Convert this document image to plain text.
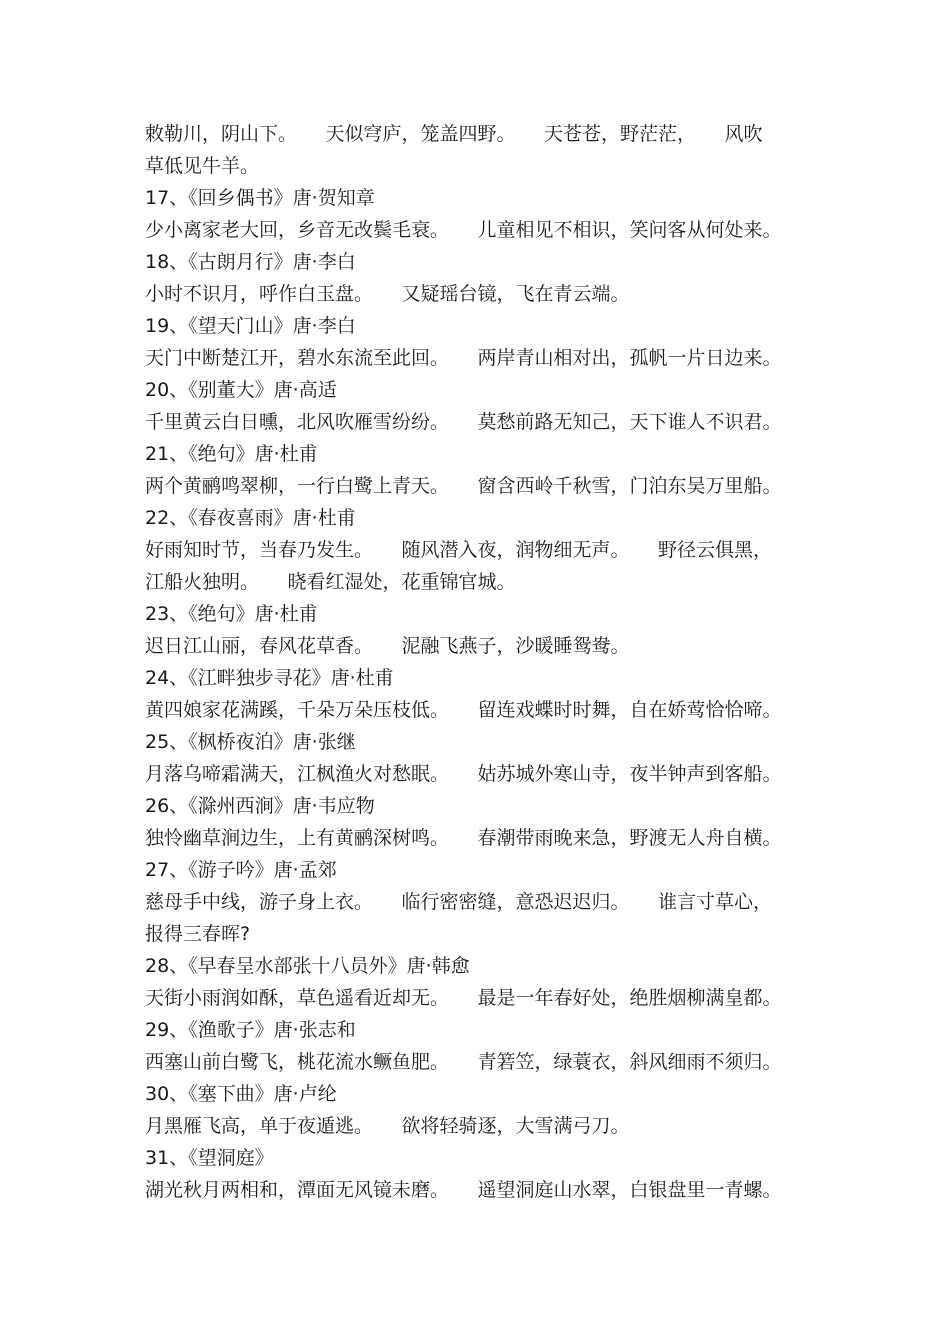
敕勒川，阴山下。　　天似穹庐，笼盖四野。　　天苍苍，野茫茫，　　风吹
草低见牛羊。
17、《回乡偶书》唐·贺知章
少小离家老大回，乡音无改鬓毛衰。　　儿童相见不相识，笑问客从何处来。
18、《古朗月行》唐·李白
小时不识月，呼作白玉盘。　　又疑瑶台镜，飞在青云端。
19、《望天门山》唐·李白
天门中断楚江开，碧水东流至此回。　　两岸青山相对出，孤帆一片日边来。
20、《别董大》唐·高适
千里黄云白日曛，北风吹雁雪纷纷。　　莫愁前路无知己，天下谁人不识君。
21、《绝句》唐·杜甫
两个黄鹂鸣翠柳，一行白鹭上青天。　　窗含西岭千秋雪，门泊东吴万里船。
22、《春夜喜雨》唐·杜甫
好雨知时节，当春乃发生。　　随风潜入夜，润物细无声。　　野径云俱黑，
江船火独明。　　晓看红湿处，花重锦官城。
23、《绝句》唐·杜甫
迟日江山丽，春风花草香。　　泥融飞燕子，沙暖睡鸳鸯。
24、《江畔独步寻花》唐·杜甫
黄四娘家花满蹊，千朵万朵压枝低。　　留连戏蝶时时舞，自在娇莺恰恰啼。
25、《枫桥夜泊》唐·张继
月落乌啼霜满天，江枫渔火对愁眠。　　姑苏城外寒山寺，夜半钟声到客船。
26、《滁州西涧》唐·韦应物
独怜幽草涧边生，上有黄鹂深树鸣。　　春潮带雨晚来急，野渡无人舟自横。
27、《游子吟》唐·孟郊
慈母手中线，游子身上衣。　　临行密密缝，意恐迟迟归。　　谁言寸草心，
报得三春晖?
28、《早春呈水部张十八员外》唐·韩愈
天街小雨润如酥，草色遥看近却无。　　最是一年春好处，绝胜烟柳满皇都。
29、《渔歌子》唐·张志和
西塞山前白鹭飞，桃花流水鳜鱼肥。　　青箬笠，绿蓑衣，斜风细雨不须归。
30、《塞下曲》唐·卢纶
月黑雁飞高，单于夜遁逃。　　欲将轻骑逐，大雪满弓刀。
31、《望洞庭》
湖光秋月两相和，潭面无风镜未磨。　　遥望洞庭山水翠，白银盘里一青螺。
